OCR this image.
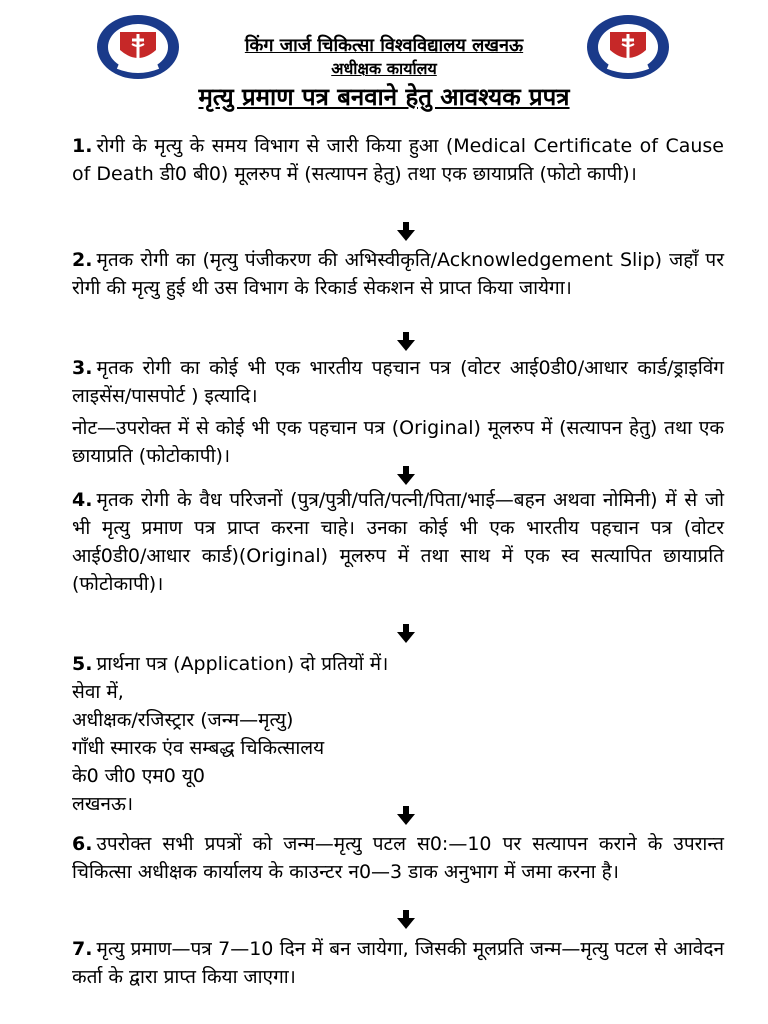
किंग जार्ज चिकित्सा विश्वविद्यालय लखनऊ
अधीक्षक कार्यालय
मृत्यु प्रमाण पत्र बनवाने हेतु आवश्यक प्रपत्र

1. रोगी के मृत्यु के समय विभाग से जारी किया हुआ (Medical Certificate of Cause of Death डी0 बी0) मूलरुप में (सत्यापन हेतु) तथा एक छायाप्रति (फोटो कापी)।

2. मृतक रोगी का (मृत्यु पंजीकरण की अभिस्वीकृति/Acknowledgement Slip) जहाँ पर रोगी की मृत्यु हुई थी उस विभाग के रिकार्ड सेकशन से प्राप्त किया जायेगा।

3. मृतक रोगी का कोई भी एक भारतीय पहचान पत्र (वोटर आई0डी0/आधार कार्ड/ड्राइविंग लाइसेंस/पासपोर्ट ) इत्यादि।

नोट—उपरोक्त में से कोई भी एक पहचान पत्र (Original) मूलरुप में (सत्यापन हेतु) तथा एक छायाप्रति (फोटोकापी)।

4. मृतक रोगी के वैध परिजनों (पुत्र/पुत्री/पति/पत्नी/पिता/भाई—बहन अथवा नोमिनी) में से जो भी मृत्यु प्रमाण पत्र प्राप्त करना चाहे। उनका कोई भी एक भारतीय पहचान पत्र (वोटर आई0डी0/आधार कार्ड)(Original) मूलरुप में तथा साथ में एक स्व सत्यापित छायाप्रति (फोटोकापी)।

5. प्रार्थना पत्र (Application) दो प्रतियों में।

सेवा में,

अधीक्षक/रजिस्ट्रार (जन्म—मृत्यु)

गाँधी स्मारक एंव सम्बद्ध चिकित्सालय

के0 जी0 एम0 यू0

लखनऊ।

6. उपरोक्त सभी प्रपत्रों को जन्म—मृत्यु पटल स0:—10 पर सत्यापन कराने के उपरान्त चिकित्सा अधीक्षक कार्यालय के काउन्टर न0—3 डाक अनुभाग में जमा करना है।

7. मृत्यु प्रमाण—पत्र 7—10 दिन में बन जायेगा, जिसकी मूलप्रति जन्म—मृत्यु पटल से आवेदन कर्ता के द्वारा प्राप्त किया जाएगा।
